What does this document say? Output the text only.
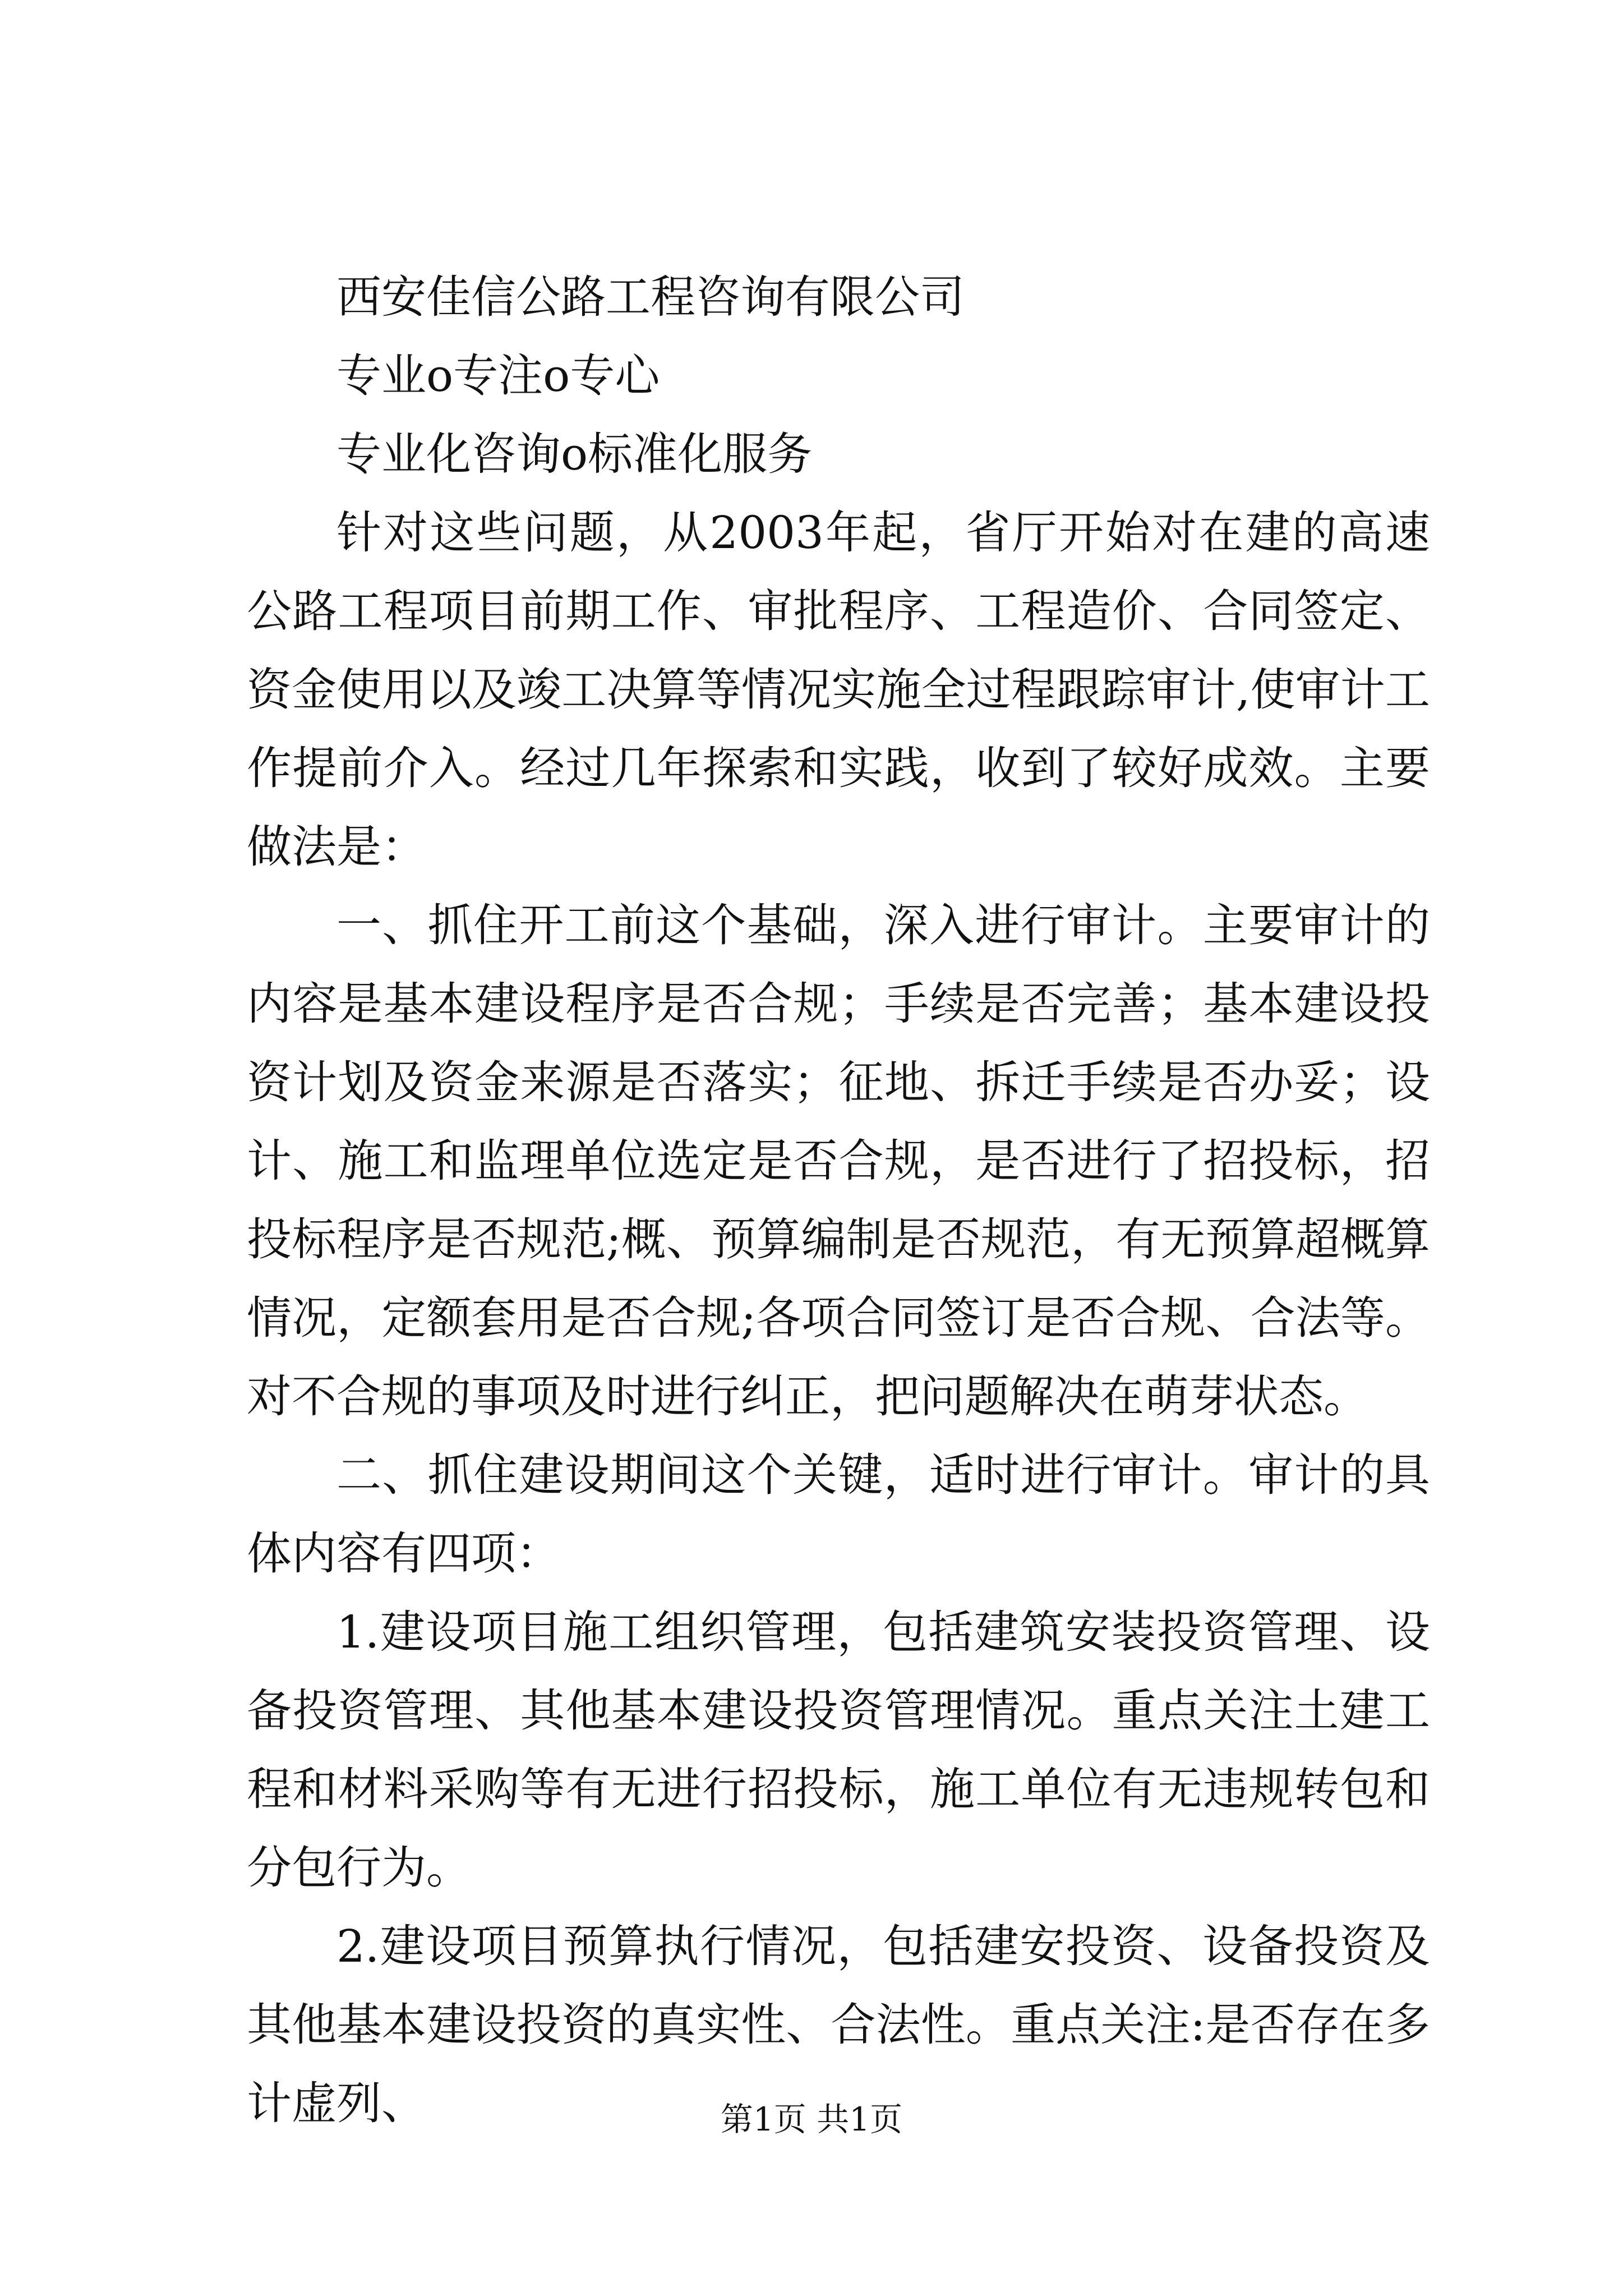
西安佳信公路工程咨询有限公司

专业o专注o专心

专业化咨询o标准化服务

针对这些问题，从2003年起，省厅开始对在建的高速公路工程项目前期工作、审批程序、工程造价、合同签定、资金使用以及竣工决算等情况实施全过程跟踪审计,使审计工作提前介入。经过几年探索和实践，收到了较好成效。主要做法是：

一、抓住开工前这个基础，深入进行审计。主要审计的内容是基本建设程序是否合规；手续是否完善；基本建设投资计划及资金来源是否落实；征地、拆迁手续是否办妥；设计、施工和监理单位选定是否合规，是否进行了招投标，招投标程序是否规范;概、预算编制是否规范，有无预算超概算情况，定额套用是否合规;各项合同签订是否合规、合法等。对不合规的事项及时进行纠正，把问题解决在萌芽状态。

二、抓住建设期间这个关键，适时进行审计。审计的具体内容有四项：

1.建设项目施工组织管理，包括建筑安装投资管理、设备投资管理、其他基本建设投资管理情况。重点关注土建工程和材料采购等有无进行招投标，施工单位有无违规转包和分包行为。

2.建设项目预算执行情况，包括建安投资、设备投资及其他基本建设投资的真实性、合法性。重点关注:是否存在多计虚列、	第1页 共1页
